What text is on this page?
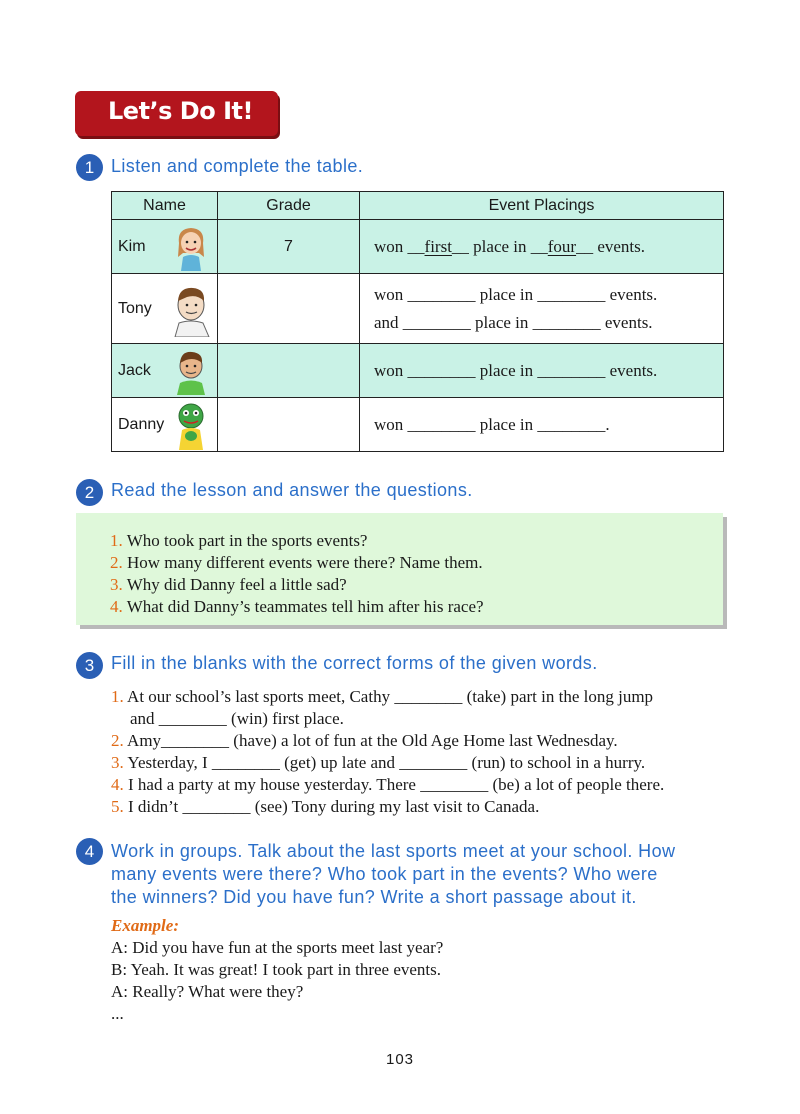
Let’s Do It!
1 Listen and complete the table.
Name	Grade	Event Placings

Kim	7	won __first__ place in __four__ events.

Tony		won ________ place in ________ events.
and ________ place in ________ events.

Jack		won ________ place in ________ events.

Danny		won ________ place in ________.
2 Read the lesson and answer the questions.
1. Who took part in the sports events?
2. How many different events were there? Name them.
3. Why did Danny feel a little sad?
4. What did Danny’s teammates tell him after his race?
3 Fill in the blanks with the correct forms of the given words.
1. At our school’s last sports meet, Cathy ________ (take) part in the long jump
and ________ (win) first place.
2. Amy________ (have) a lot of fun at the Old Age Home last Wednesday.
3. Yesterday, I ________ (get) up late and ________ (run) to school in a hurry.
4. I had a party at my house yesterday. There ________ (be) a lot of people there.
5. I didn’t ________ (see) Tony during my last visit to Canada.
4 Work in groups. Talk about the last sports meet at your school. How
many events were there? Who took part in the events? Who were
the winners? Did you have fun? Write a short passage about it.
Example:
A: Did you have fun at the sports meet last year?
B: Yeah. It was great! I took part in three events.
A: Really? What were they?
...
103
